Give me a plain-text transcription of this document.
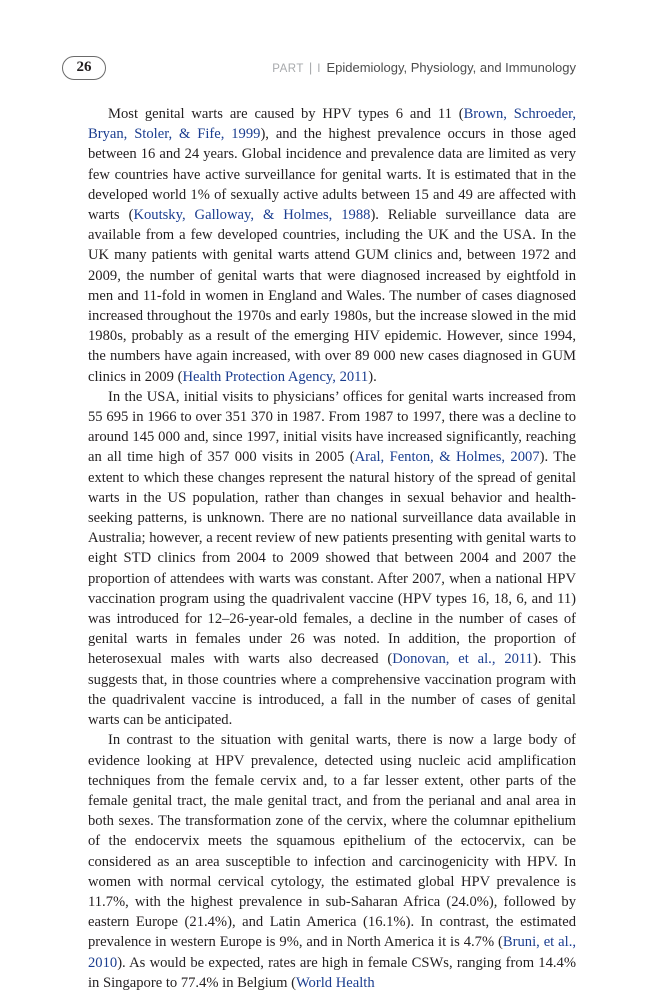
26	PART | I Epidemiology, Physiology, and Immunology

Most genital warts are caused by HPV types 6 and 11 (Brown, Schroeder, Bryan, Stoler, & Fife, 1999), and the highest prevalence occurs in those aged between 16 and 24 years. Global incidence and prevalence data are limited as very few countries have active surveillance for genital warts. It is estimated that in the developed world 1% of sexually active adults between 15 and 49 are affected with warts (Koutsky, Galloway, & Holmes, 1988). Reliable surveillance data are available from a few developed countries, including the UK and the USA. In the UK many patients with genital warts attend GUM clinics and, between 1972 and 2009, the number of genital warts that were diagnosed increased by eightfold in men and 11-fold in women in England and Wales. The number of cases diagnosed increased throughout the 1970s and early 1980s, but the increase slowed in the mid 1980s, probably as a result of the emerging HIV epidemic. However, since 1994, the numbers have again increased, with over 89 000 new cases diagnosed in GUM clinics in 2009 (Health Protection Agency, 2011).

In the USA, initial visits to physicians’ offices for genital warts increased from 55 695 in 1966 to over 351 370 in 1987. From 1987 to 1997, there was a decline to around 145 000 and, since 1997, initial visits have increased significantly, reaching an all time high of 357 000 visits in 2005 (Aral, Fenton, & Holmes, 2007). The extent to which these changes represent the natural history of the spread of genital warts in the US population, rather than changes in sexual behavior and health-seeking patterns, is unknown. There are no national surveillance data available in Australia; however, a recent review of new patients presenting with genital warts to eight STD clinics from 2004 to 2009 showed that between 2004 and 2007 the proportion of attendees with warts was constant. After 2007, when a national HPV vaccination program using the quadrivalent vaccine (HPV types 16, 18, 6, and 11) was introduced for 12–26-year-old females, a decline in the number of cases of genital warts in females under 26 was noted. In addition, the proportion of heterosexual males with warts also decreased (Donovan, et al., 2011). This suggests that, in those countries where a comprehensive vaccination program with the quadrivalent vaccine is introduced, a fall in the number of cases of genital warts can be anticipated.

In contrast to the situation with genital warts, there is now a large body of evidence looking at HPV prevalence, detected using nucleic acid amplification techniques from the female cervix and, to a far lesser extent, other parts of the female genital tract, the male genital tract, and from the perianal and anal area in both sexes. The transformation zone of the cervix, where the columnar epithelium of the endocervix meets the squamous epithelium of the ectocervix, can be considered as an area susceptible to infection and carcinogenicity with HPV. In women with normal cervical cytology, the estimated global HPV prevalence is 11.7%, with the highest prevalence in sub-Saharan Africa (24.0%), followed by eastern Europe (21.4%), and Latin America (16.1%). In contrast, the estimated prevalence in western Europe is 9%, and in North America it is 4.7% (Bruni, et al., 2010). As would be expected, rates are high in female CSWs, ranging from 14.4% in Singapore to 77.4% in Belgium (World Health
